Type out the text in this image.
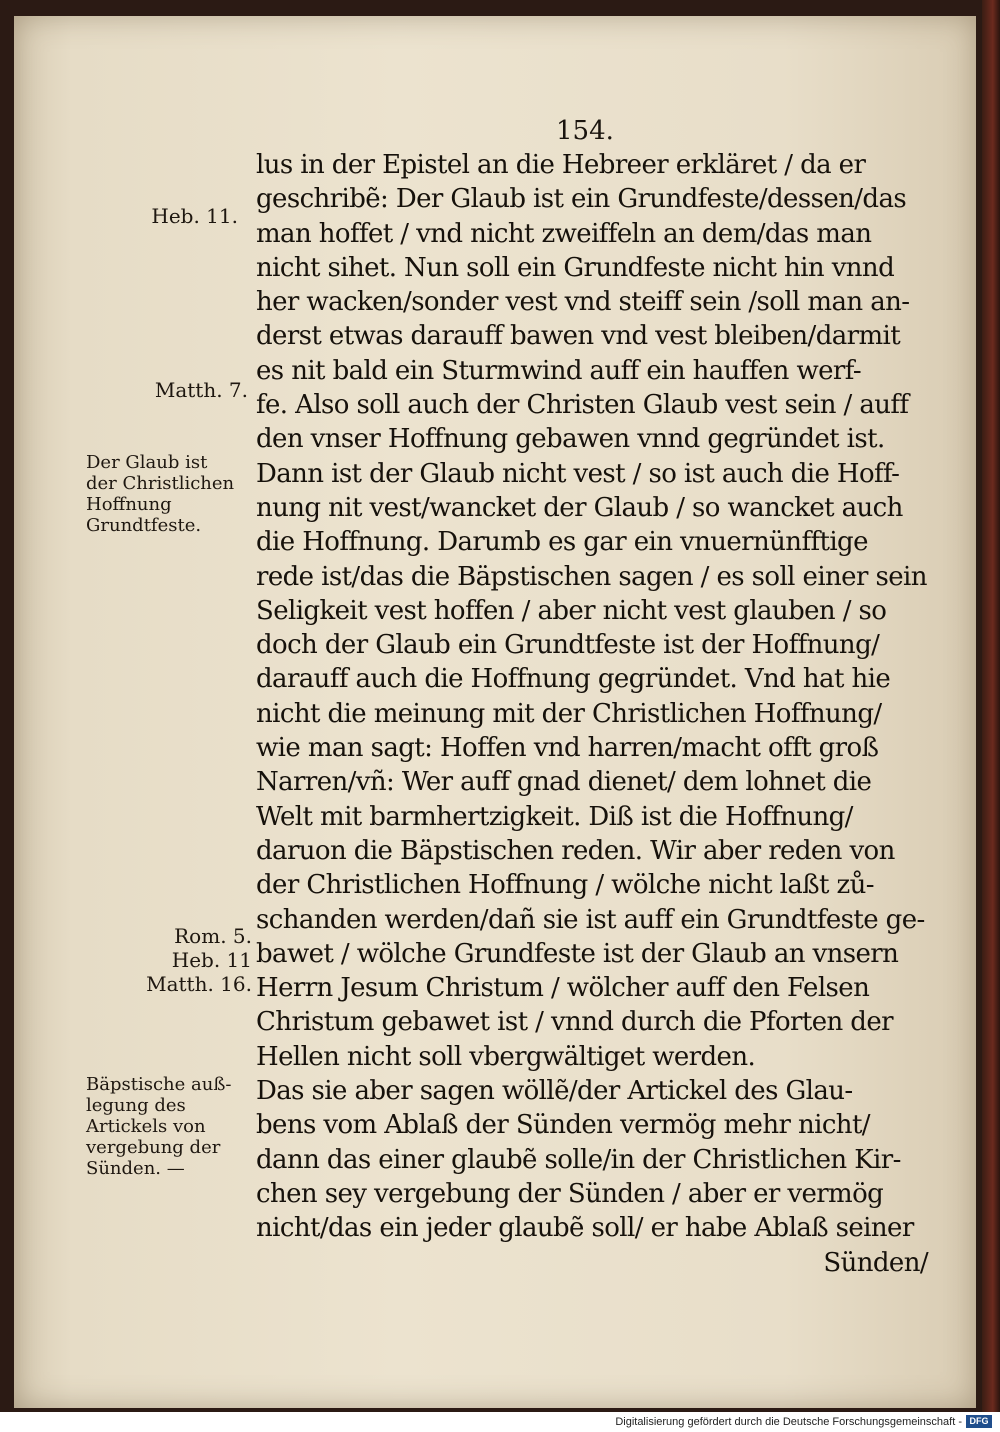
154.
lus in der Epistel an die Hebreer erkläret / da er
geschribẽ: Der Glaub ist ein Grundfeste/dessen/das
man hoffet / vnd nicht zweiffeln an dem/das man
nicht sihet. Nun soll ein Grundfeste nicht hin vnnd
her wacken/sonder vest vnd steiff sein /soll man an-
derst etwas darauff bawen vnd vest bleiben/darmit
es nit bald ein Sturmwind auff ein hauffen werf-
fe. Also soll auch der Christen Glaub vest sein / auff
den vnser Hoffnung gebawen vnnd gegründet ist.
Dann ist der Glaub nicht vest / so ist auch die Hoff-
nung nit vest/wancket der Glaub / so wancket auch
die Hoffnung. Darumb es gar ein vnuernünfftige
rede ist/das die Bäpstischen sagen / es soll einer sein
Seligkeit vest hoffen / aber nicht vest glauben / so
doch der Glaub ein Grundtfeste ist der Hoffnung/
darauff auch die Hoffnung gegründet. Vnd hat hie
nicht die meinung mit der Christlichen Hoffnung/
wie man sagt: Hoffen vnd harren/macht offt groß
Narren/vñ: Wer auff gnad dienet/ dem lohnet die
Welt mit barmhertzigkeit. Diß ist die Hoffnung/
daruon die Bäpstischen reden. Wir aber reden von
der Christlichen Hoffnung / wölche nicht laßt zů-
schanden werden/dañ sie ist auff ein Grundtfeste ge-
bawet / wölche Grundfeste ist der Glaub an vnsern
Herrn Jesum Christum / wölcher auff den Felsen
Christum gebawet ist / vnnd durch die Pforten der
Hellen nicht soll vbergwältiget werden.
Das sie aber sagen wöllẽ/der Artickel des Glau-
bens vom Ablaß der Sünden vermög mehr nicht/
dann das einer glaubẽ solle/in der Christlichen Kir-
chen sey vergebung der Sünden / aber er vermög
nicht/das ein jeder glaubẽ soll/ er habe Ablaß seiner
Sünden/
Heb. 11.
Matth. 7.
Der Glaub ist
der Christlichen
Hoffnung
Grundtfeste.
Rom. 5.
Heb. 11
Matth. 16.
Bäpstische auß-
legung des
Artickels von
vergebung der
Sünden. —
Digitalisierung gefördert durch die Deutsche Forschungsgemeinschaft - DFG
